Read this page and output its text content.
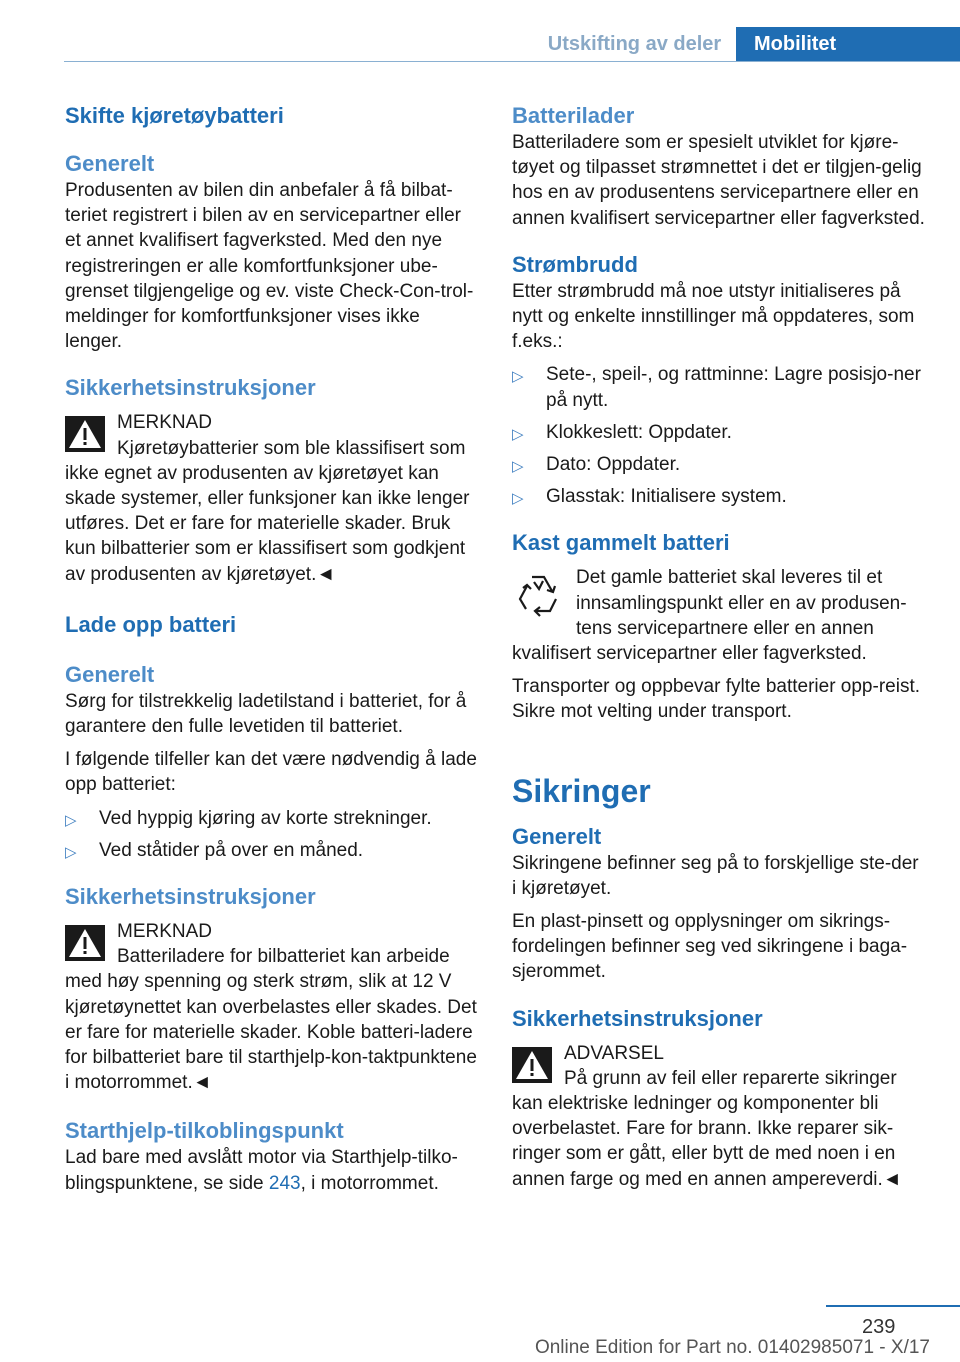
Utskifting av deler	Mobilitet
Skifte kjøretøybatteri
Generelt

Produsenten av bilen din anbefaler å få bilbat-teriet registrert i bilen av en servicepartner eller et annet kvalifisert fagverksted. Med den nye registreringen er alle komfortfunksjoner ube-grenset tilgjengelige og ev. viste Check-Con-trol-meldinger for komfortfunksjoner vises ikke lenger.

Sikkerhetsinstruksjoner
MERKNAD
Kjøretøybatterier som ble klassifisert som ikke egnet av produsenten av kjøretøyet kan skade systemer, eller funksjoner kan ikke lenger utføres. Det er fare for materielle skader. Bruk kun bilbatterier som er klassifisert som godkjent av produsenten av kjøretøyet.◄
Lade opp batteri
Generelt

Sørg for tilstrekkelig ladetilstand i batteriet, for å garantere den fulle levetiden til batteriet.

I følgende tilfeller kan det være nødvendig å lade opp batteriet:

▷ Ved hyppig kjøring av korte strekninger.
▷ Ved ståtider på over en måned.
Sikkerhetsinstruksjoner
MERKNAD
Batteriladere for bilbatteriet kan arbeide med høy spenning og sterk strøm, slik at 12 V kjøretøynettet kan overbelastes eller skades. Det er fare for materielle skader. Koble batteri-ladere for bilbatteriet bare til starthjelp-kon-taktpunktene i motorrommet.◄
Starthjelp-tilkoblingspunkt

Lad bare med avslått motor via Starthjelp-tilko-blingspunktene, se side 243, i motorrommet.

Batterilader

Batteriladere som er spesielt utviklet for kjøre-tøyet og tilpasset strømnettet i det er tilgjen-gelig hos en av produsentens servicepartnere eller en annen kvalifisert servicepartner eller fagverksted.

Strømbrudd

Etter strømbrudd må noe utstyr initialiseres på nytt og enkelte innstillinger må oppdateres, som f.eks.:

▷ Sete-, speil-, og rattminne: Lagre posisjo-ner på nytt.
▷ Klokkeslett: Oppdater.
▷ Dato: Oppdater.
▷ Glasstak: Initialisere system.
Kast gammelt batteri
Det gamle batteriet skal leveres til et innsamlingspunkt eller en av produsen-tens servicepartnere eller en annen kvalifisert servicepartner eller fagverksted.

Transporter og oppbevar fylte batterier opp-reist. Sikre mot velting under transport.

Sikringer
Generelt

Sikringene befinner seg på to forskjellige ste-der i kjøretøyet.

En plast-pinsett og opplysninger om sikrings-fordelingen befinner seg ved sikringene i baga-sjerommet.

Sikkerhetsinstruksjoner
ADVARSEL
På grunn av feil eller reparerte sikringer kan elektriske ledninger og komponenter bli overbelastet. Fare for brann. Ikke reparer sik-ringer som er gått, eller bytt de med noen i en annen farge og med en annen ampereverdi.◄
239
Online Edition for Part no. 01402985071 - X/17
